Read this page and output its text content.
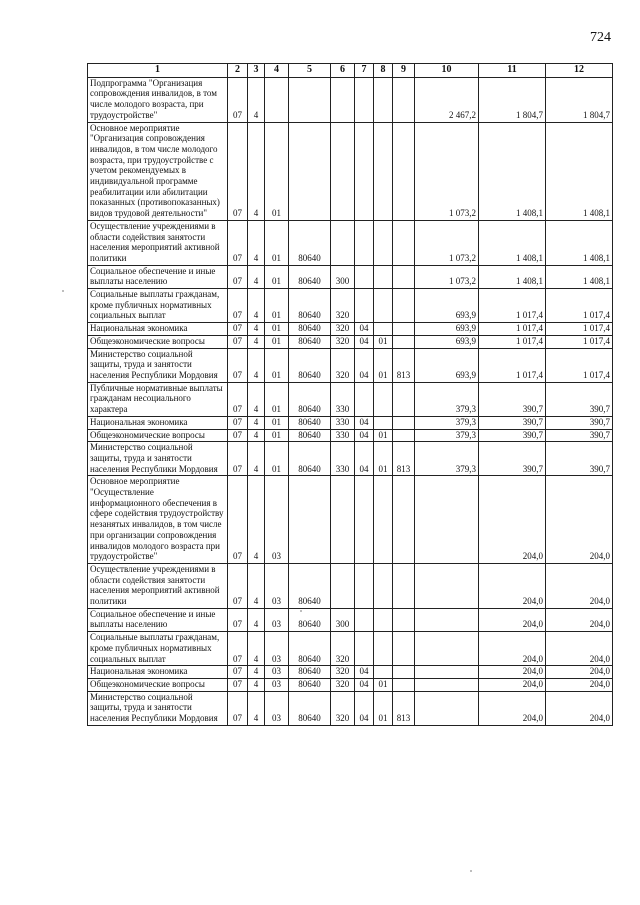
724
1	2	3	4	5	6	7	8	9	10	11	12
Подпрограмма "Организация сопровождения инвалидов, в том числе молодого возраста, при трудоустройстве"	07	4							2 467,2	1 804,7	1 804,7
Основное мероприятие "Организация сопровождения инвалидов, в том числе молодого возраста, при трудоустройстве с учетом рекомендуемых в индивидуальной программе реабилитации или абилитации показанных (противопоказанных) видов трудовой деятельности"	07	4	01						1 073,2	1 408,1	1 408,1
Осуществление учреждениями в области содействия занятости населения мероприятий активной политики	07	4	01	80640					1 073,2	1 408,1	1 408,1
Социальное обеспечение и иные выплаты населению	07	4	01	80640	300				1 073,2	1 408,1	1 408,1
Социальные выплаты гражданам, кроме публичных нормативных социальных выплат	07	4	01	80640	320				693,9	1 017,4	1 017,4
Национальная экономика	07	4	01	80640	320	04			693,9	1 017,4	1 017,4
Общеэкономические вопросы	07	4	01	80640	320	04	01		693,9	1 017,4	1 017,4
Министерство социальной защиты, труда и занятости населения Республики Мордовия	07	4	01	80640	320	04	01	813	693,9	1 017,4	1 017,4
Публичные нормативные выплаты гражданам несоциального характера	07	4	01	80640	330				379,3	390,7	390,7
Национальная экономика	07	4	01	80640	330	04			379,3	390,7	390,7
Общеэкономические вопросы	07	4	01	80640	330	04	01		379,3	390,7	390,7
Министерство социальной защиты, труда и занятости населения Республики Мордовия	07	4	01	80640	330	04	01	813	379,3	390,7	390,7
Основное мероприятие "Осуществление информационного обеспечения в сфере содействия трудоустройству незанятых инвалидов, в том числе при организации сопровождения инвалидов молодого возраста при трудоустройстве"	07	4	03							204,0	204,0
Осуществление учреждениями в области содействия занятости населения мероприятий активной политики	07	4	03	80640						204,0	204,0
Социальное обеспечение и иные выплаты населению	07	4	03	80640	300					204,0	204,0
Социальные выплаты гражданам, кроме публичных нормативных социальных выплат	07	4	03	80640	320					204,0	204,0
Национальная экономика	07	4	03	80640	320	04				204,0	204,0
Общеэкономические вопросы	07	4	03	80640	320	04	01			204,0	204,0
Министерство социальной защиты, труда и занятости населения Республики Мордовия	07	4	03	80640	320	04	01	813		204,0	204,0
